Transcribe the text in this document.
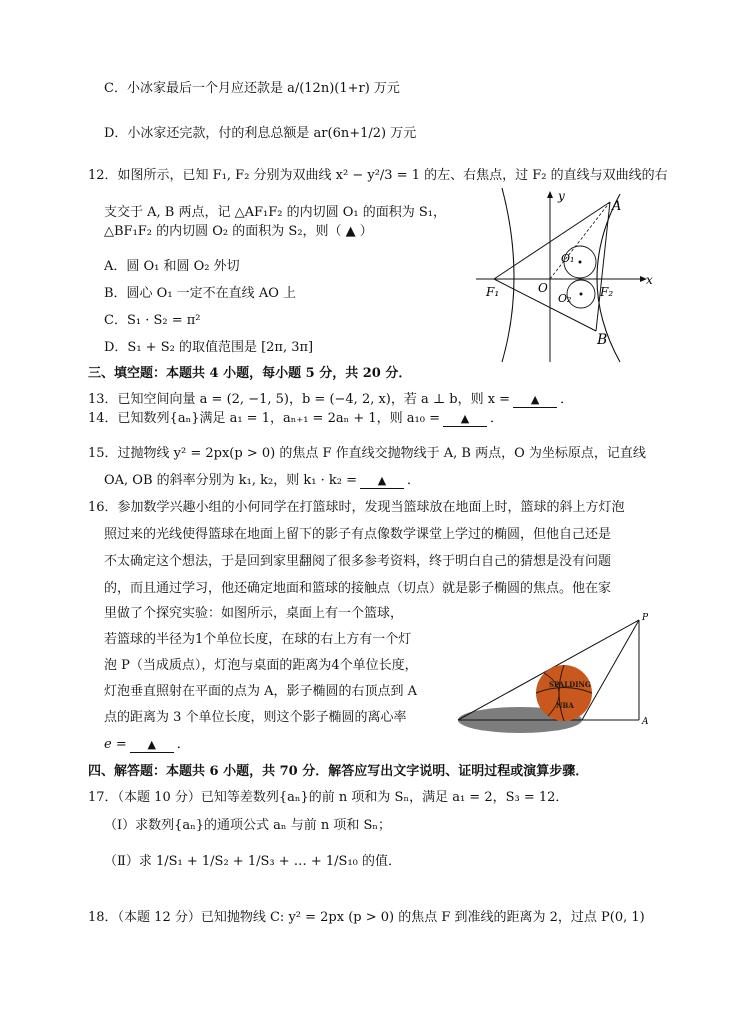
C．小冰家最后一个月应还款是 a/(12n)(1+r) 万元
D．小冰家还完款，付的利息总额是 ar(6n+1/2) 万元
12．如图所示，已知 F₁, F₂ 分别为双曲线 x² − y²/3 = 1 的左、右焦点，过 F₂ 的直线与双曲线的右
支交于 A, B 两点，记 △AF₁F₂ 的内切圆 O₁ 的面积为 S₁，
△BF₁F₂ 的内切圆 O₂ 的面积为 S₂，则（ ▲ ）
A．圆 O₁ 和圆 O₂ 外切
B．圆心 O₁ 一定不在直线 AO 上
C．S₁ · S₂ = π²
D．S₁ + S₂ 的取值范围是 [2π, 3π]
y
x
A
B
O
O₁
O₂
F₁	F₂
三、填空题：本题共 4 小题，每小题 5 分，共 20 分．
13．已知空间向量 a = (2, −1, 5)，b = (−4, 2, x)，若 a ⊥ b，则 x = ▲ ．
14．已知数列{aₙ}满足 a₁ = 1，aₙ₊₁ = 2aₙ + 1，则 a₁₀ = ▲ ．
15．过抛物线 y² = 2px(p > 0) 的焦点 F 作直线交抛物线于 A, B 两点，O 为坐标原点，记直线
OA, OB 的斜率分别为 k₁, k₂，则 k₁ · k₂ = ▲ ．
16．参加数学兴趣小组的小何同学在打篮球时，发现当篮球放在地面上时，篮球的斜上方灯泡
照过来的光线使得篮球在地面上留下的影子有点像数学课堂上学过的椭圆，但他自己还是
不太确定这个想法，于是回到家里翻阅了很多参考资料，终于明白自己的猜想是没有问题
的，而且通过学习，他还确定地面和篮球的接触点（切点）就是影子椭圆的焦点。他在家
里做了个探究实验：如图所示，桌面上有一个篮球，
若篮球的半径为1个单位长度，在球的右上方有一个灯
泡 P（当成质点），灯泡与桌面的距离为4个单位长度，
灯泡垂直照射在平面的点为 A，影子椭圆的右顶点到 A
点的距离为 3 个单位长度，则这个影子椭圆的离心率
e = ▲ ．
SPALDING
NBA
P
A
四、解答题：本题共 6 小题，共 70 分．解答应写出文字说明、证明过程或演算步骤．
17．（本题 10 分）已知等差数列{aₙ}的前 n 项和为 Sₙ，满足 a₁ = 2，S₃ = 12．
（Ⅰ）求数列{aₙ}的通项公式 aₙ 与前 n 项和 Sₙ；
（Ⅱ）求 1/S₁ + 1/S₂ + 1/S₃ + … + 1/S₁₀ 的值．
18．（本题 12 分）已知抛物线 C: y² = 2px (p > 0) 的焦点 F 到准线的距离为 2，过点 P(0, 1)
